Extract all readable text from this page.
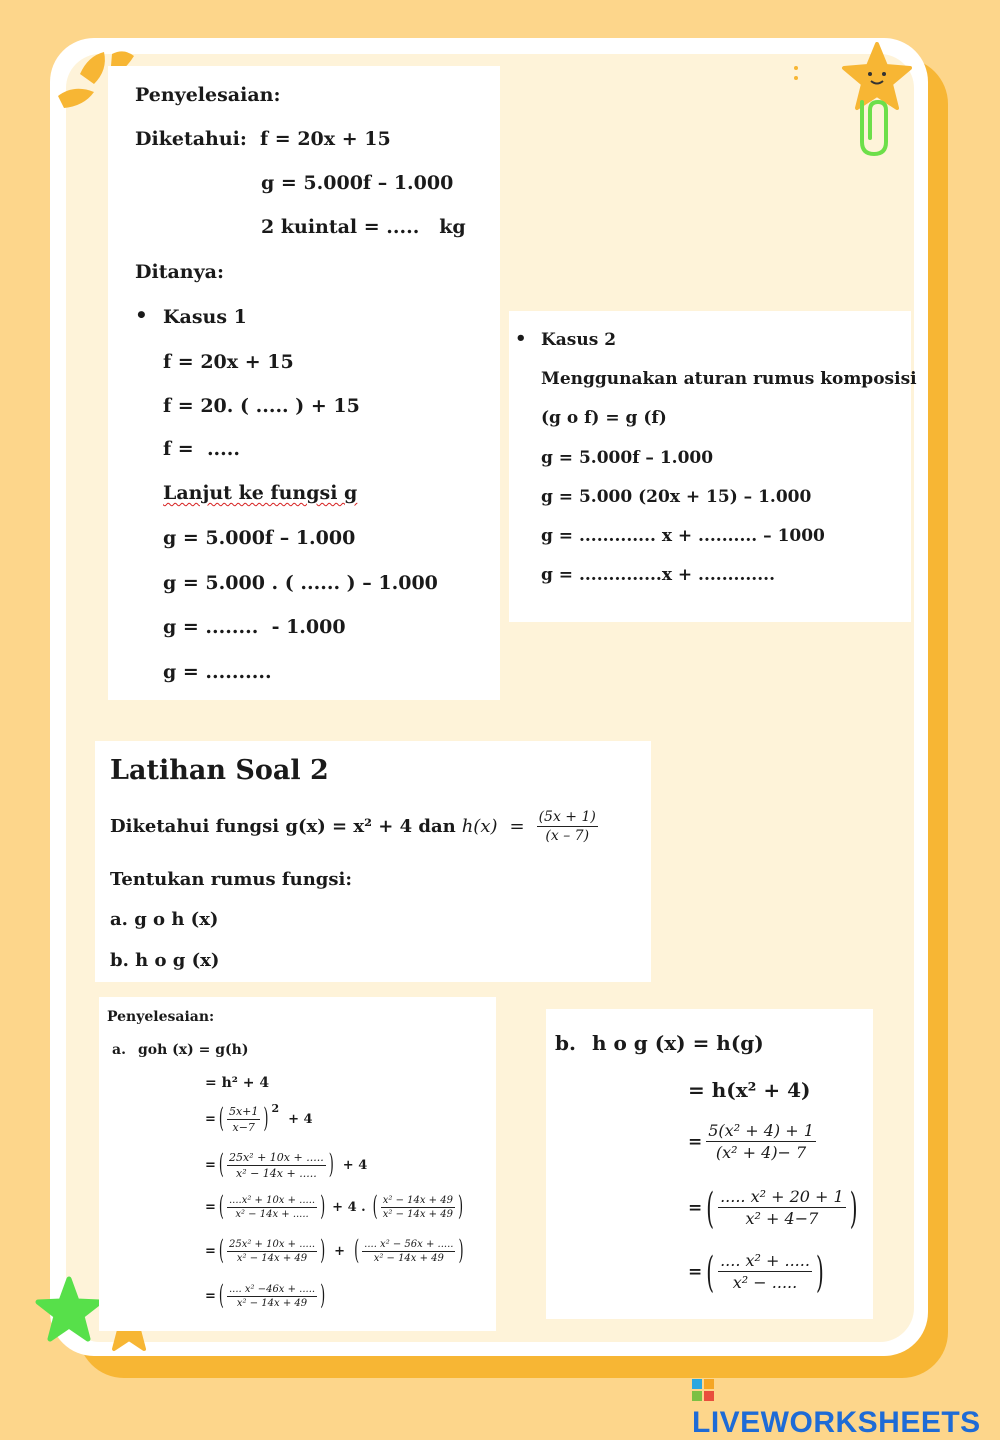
Penyelesaian:
Diketahui: f = 20x + 15
g = 5.000f – 1.000
2 kuintal = .....   kg
Ditanya:
• Kasus 1
f = 20x + 15
f = 20. ( ..... ) + 15
f =  .....
Lanjut ke fungsi g
g = 5.000f – 1.000
g = 5.000 . ( ...... ) – 1.000
g = ........  - 1.000
g = ..........
• Kasus 2
Menggunakan aturan rumus komposisi
(g o f) = g (f)
g = 5.000f – 1.000
g = 5.000 (20x + 15) – 1.000
g = ............. x + .......... – 1000
g = ..............x + .............
Latihan Soal 2
Diketahui fungsi g(x) = x² + 4 dan $h(x) = \frac{(5x + 1)}{(x - 7)}$
Tentukan rumus fungsi:
a. g o h (x)
b. h o g (x)
Penyelesaian:
a. goh (x) = g(h)
= h² + 4
= ( $\frac{5x+1}{x-7}$ ) $^2$
+ 4
= ( $\frac{\text{25x² + 10x + .....}}{\text{x² − 14x + .....}}$ ) + 4
= ( $\frac{\text{....x² + 10x + .....}}{\text{x² − 14x + .....}}$ ) + 4 . ( $\frac{\text{x² − 14x + 49}}{\text{x² − 14x + 49}}$ )
= ( $\frac{\text{25x² + 10x + .....}}{\text{x² − 14x + 49}}$ ) + ( $\frac{\text{.... x² − 56x + .....}}{\text{x² − 14x + 49}}$ )
= ( $\frac{\text{.... x² −46x + .....}}{\text{x² − 14x + 49}}$ )
b. h o g (x) = h(g)
= h(x² + 4)
= $\frac{\text{5(x² + 4) + 1}}{\text{(x² + 4)− 7}}$
= ( $\frac{\text{..... x² + 20 + 1}}{\text{x² + 4−7}}$ )
= ( $\frac{\text{.... x² + .....}}{\text{x² − .....}}$ )
LIVEWORKSHEETS
